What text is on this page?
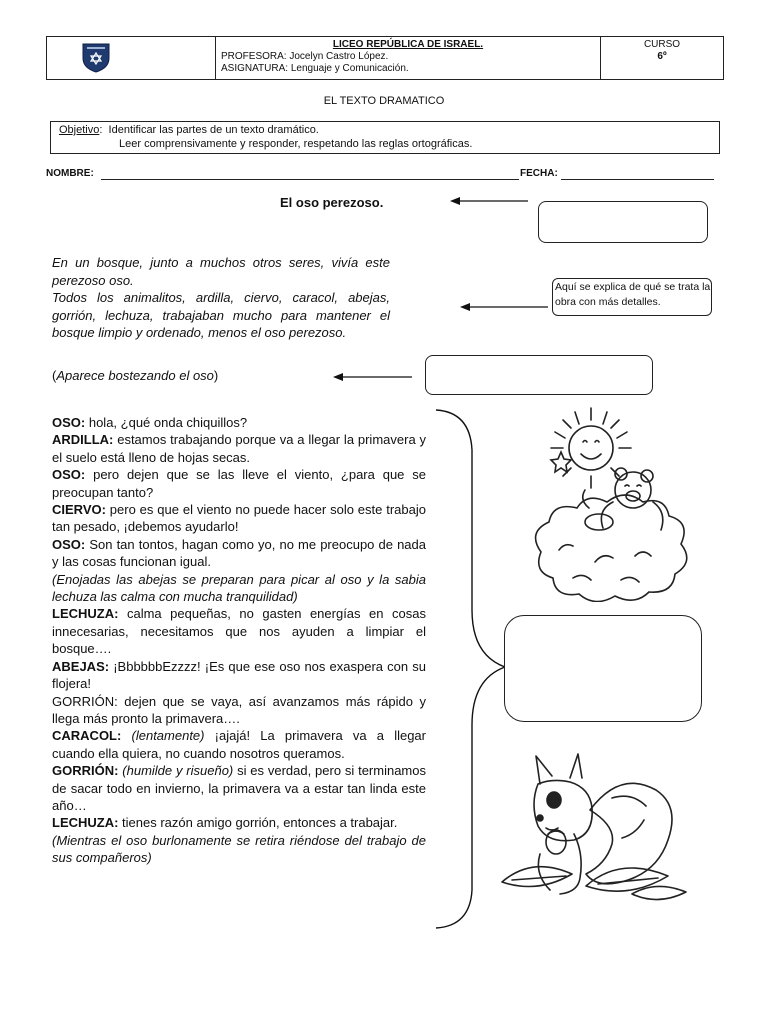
LICEO REPÚBLICA DE ISRAEL.
PROFESORA: Jocelyn Castro López.
ASIGNATURA: Lenguaje y Comunicación.
CURSO
6º
EL TEXTO DRAMATICO
Objetivo:  Identificar las partes de un texto dramático.
Leer comprensivamente y responder, respetando las reglas ortográficas.
NOMBRE:	FECHA:
El oso perezoso.
Aquí se explica de qué se trata la obra con más detalles.

En un bosque, junto a muchos otros seres, vivía este perezoso oso.

Todos los animalitos, ardilla, ciervo, caracol, abejas, gorrión, lechuza, trabajaban mucho para mantener el bosque limpio y ordenado, menos el oso perezoso.

(Aparece bostezando el oso)

OSO: hola, ¿qué onda chiquillos?

ARDILLA: estamos trabajando porque va a llegar la primavera y el suelo está lleno de hojas secas.

OSO: pero dejen que se las lleve el viento, ¿para que se preocupan tanto?

CIERVO: pero es que el viento no puede hacer solo este trabajo tan pesado, ¡debemos ayudarlo!

OSO: Son tan tontos, hagan como yo, no me preocupo de nada y las cosas funcionan igual.

(Enojadas las abejas se preparan para picar al oso y la sabia lechuza las calma con mucha tranquilidad)

LECHUZA: calma pequeñas, no gasten energías en cosas innecesarias, necesitamos que nos ayuden a limpiar el bosque….

ABEJAS: ¡BbbbbbEzzzz! ¡Es que ese oso nos exaspera con su flojera!

GORRIÓN: dejen que se vaya, así avanzamos más rápido y llega más pronto la primavera….

CARACOL: (lentamente) ¡ajajá! La primavera va a llegar cuando ella quiera, no cuando nosotros queramos.

GORRIÓN: (humilde y risueño) si es verdad, pero si terminamos de sacar todo en invierno, la primavera va a estar tan linda este año…

LECHUZA: tienes razón amigo gorrión, entonces a trabajar.

(Mientras el oso burlonamente se retira riéndose del trabajo de sus compañeros)
